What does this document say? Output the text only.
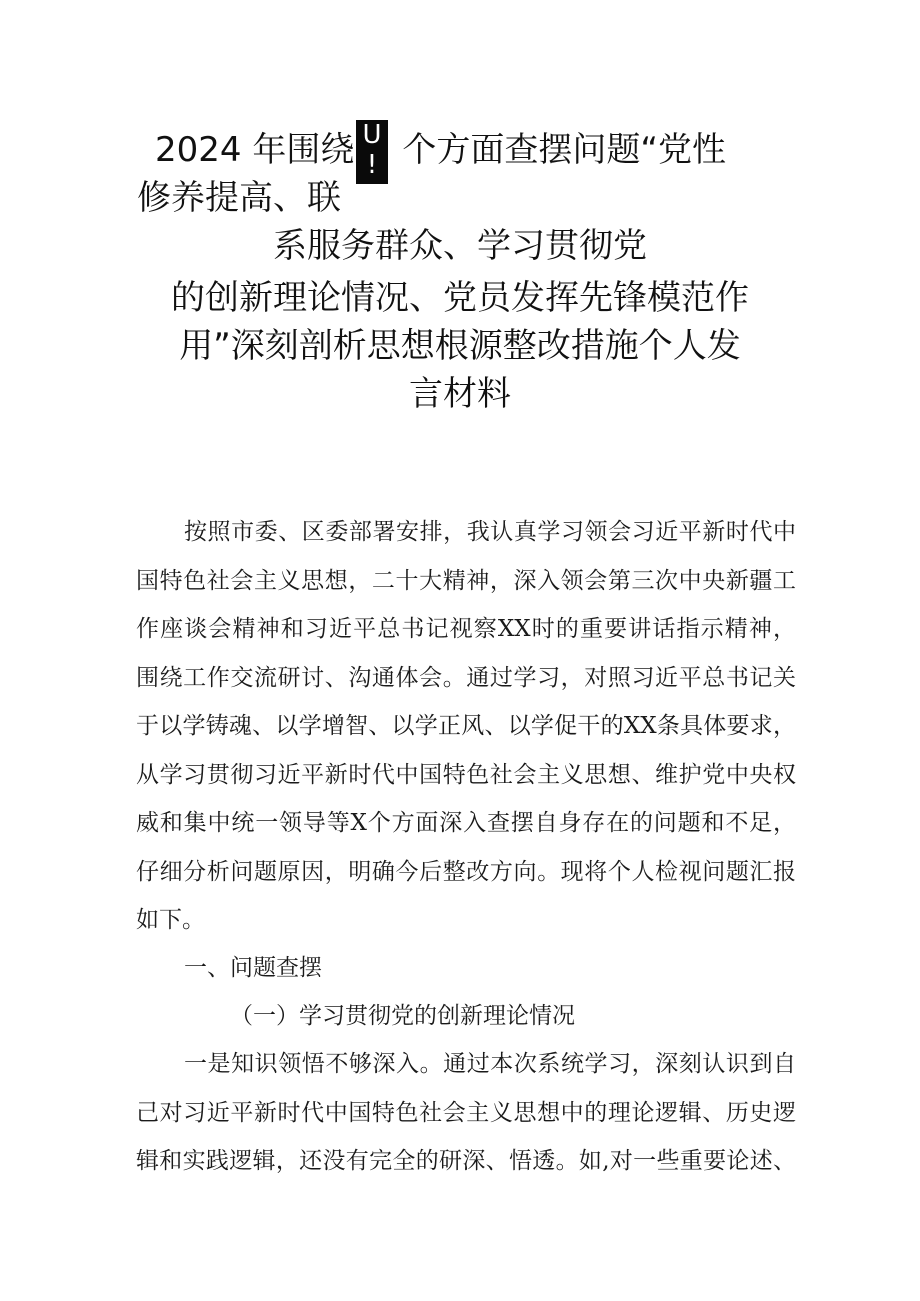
2024 年围绕 个方面查摆问题“党性
U
!
修养提高、联
系服务群众、学习贯彻党
的创新理论情况、党员发挥先锋模范作
用”深刻剖析思想根源整改措施个人发
言材料
按照市委、区委部署安排，我认真学习领会习近平新时代中
国特色社会主义思想，二十大精神，深入领会第三次中央新疆工
作座谈会精神和习近平总书记视察XX时的重要讲话指示精神，
围绕工作交流研讨、沟通体会。通过学习，对照习近平总书记关
于以学铸魂、以学增智、以学正风、以学促干的XX条具体要求，
从学习贯彻习近平新时代中国特色社会主义思想、维护党中央权
威和集中统一领导等X个方面深入查摆自身存在的问题和不足，
仔细分析问题原因，明确今后整改方向。现将个人检视问题汇报
如下。
一、问题查摆
（一）学习贯彻党的创新理论情况
一是知识领悟不够深入。通过本次系统学习，深刻认识到自
己对习近平新时代中国特色社会主义思想中的理论逻辑、历史逻
辑和实践逻辑，还没有完全的研深、悟透。如,对一些重要论述、
